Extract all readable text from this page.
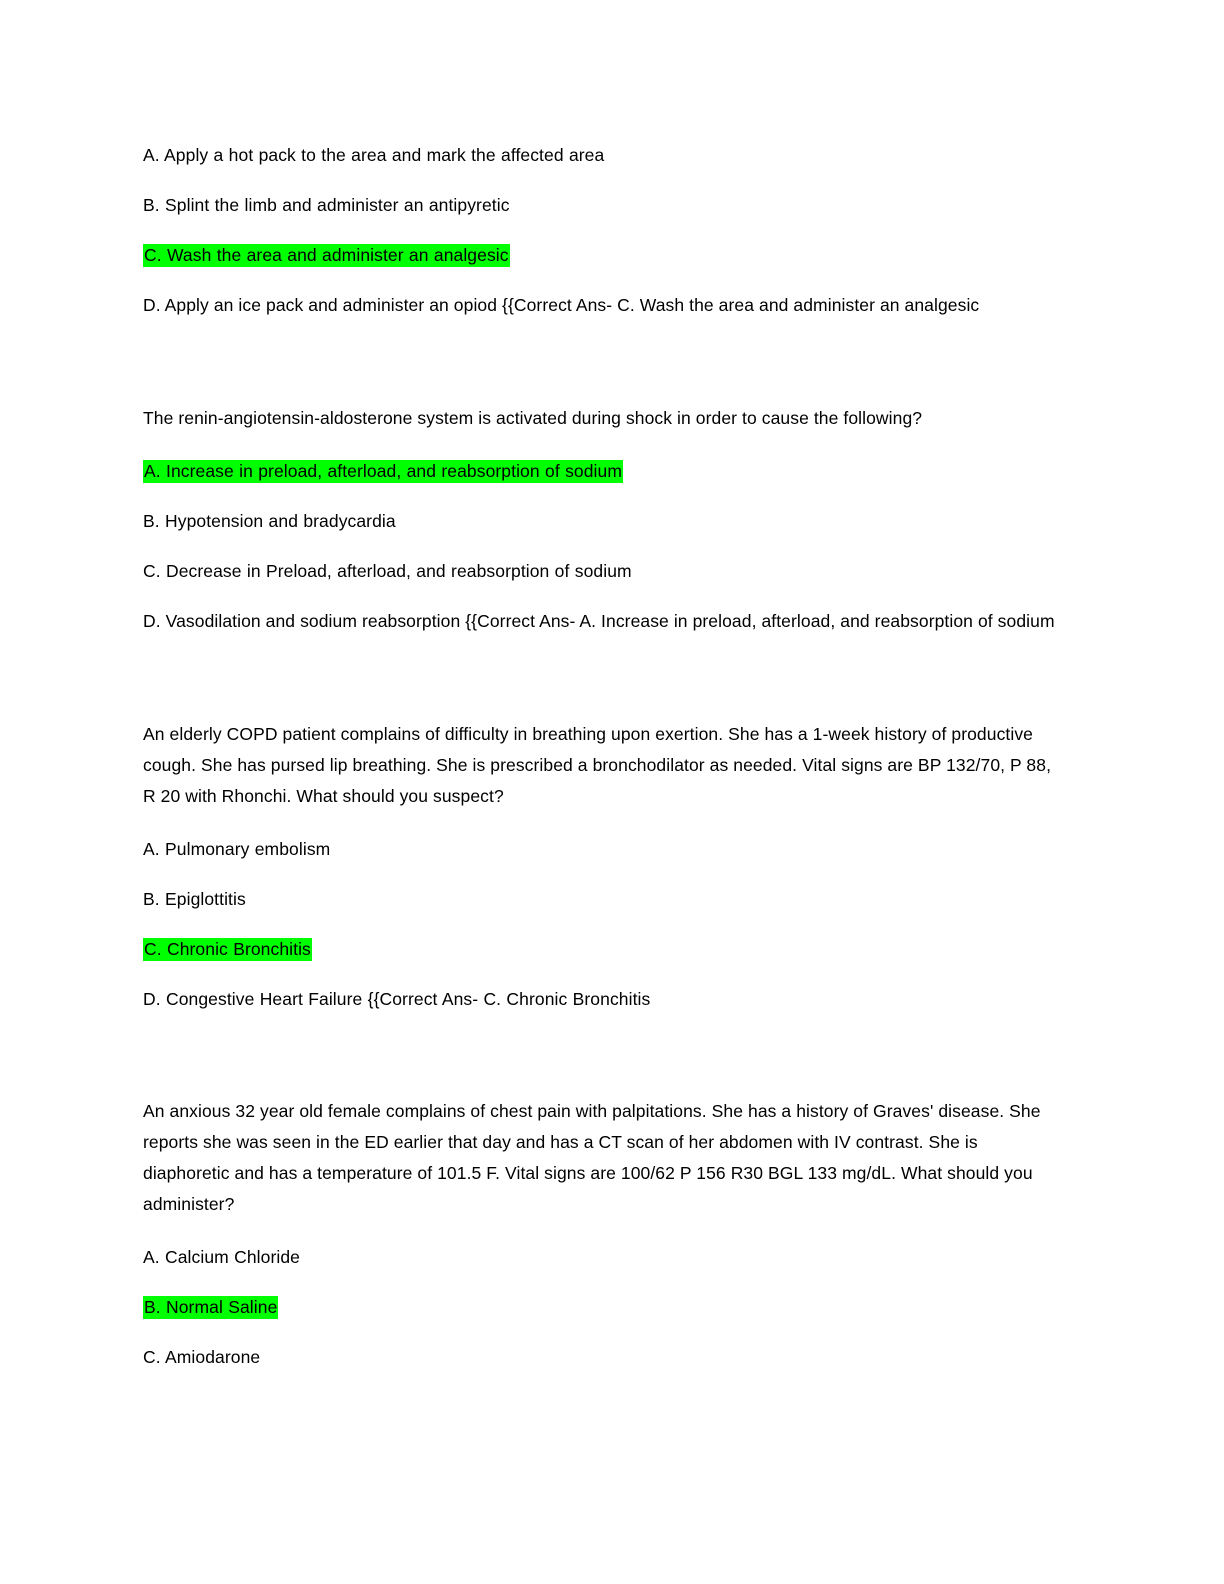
A. Apply a hot pack to the area and mark the affected area

B. Splint the limb and administer an antipyretic

C. Wash the area and administer an analgesic

D. Apply an ice pack and administer an opiod {{Correct Ans- C. Wash the area and administer an analgesic

The renin-angiotensin-aldosterone system is activated during shock in order to cause the following?

A. Increase in preload, afterload, and reabsorption of sodium

B. Hypotension and bradycardia

C. Decrease in Preload, afterload, and reabsorption of sodium

D. Vasodilation and sodium reabsorption {{Correct Ans- A. Increase in preload, afterload, and reabsorption of sodium

An elderly COPD patient complains of difficulty in breathing upon exertion. She has a 1-week history of productive cough. She has pursed lip breathing. She is prescribed a bronchodilator as needed. Vital signs are BP 132/70, P 88, R 20 with Rhonchi. What should you suspect?

A. Pulmonary embolism

B. Epiglottitis

C. Chronic Bronchitis

D. Congestive Heart Failure {{Correct Ans- C. Chronic Bronchitis

An anxious 32 year old female complains of chest pain with palpitations. She has a history of Graves' disease. She reports she was seen in the ED earlier that day and has a CT scan of her abdomen with IV contrast. She is diaphoretic and has a temperature of 101.5 F. Vital signs are 100/62 P 156 R30 BGL 133 mg/dL. What should you administer?

A. Calcium Chloride

B. Normal Saline

C. Amiodarone
